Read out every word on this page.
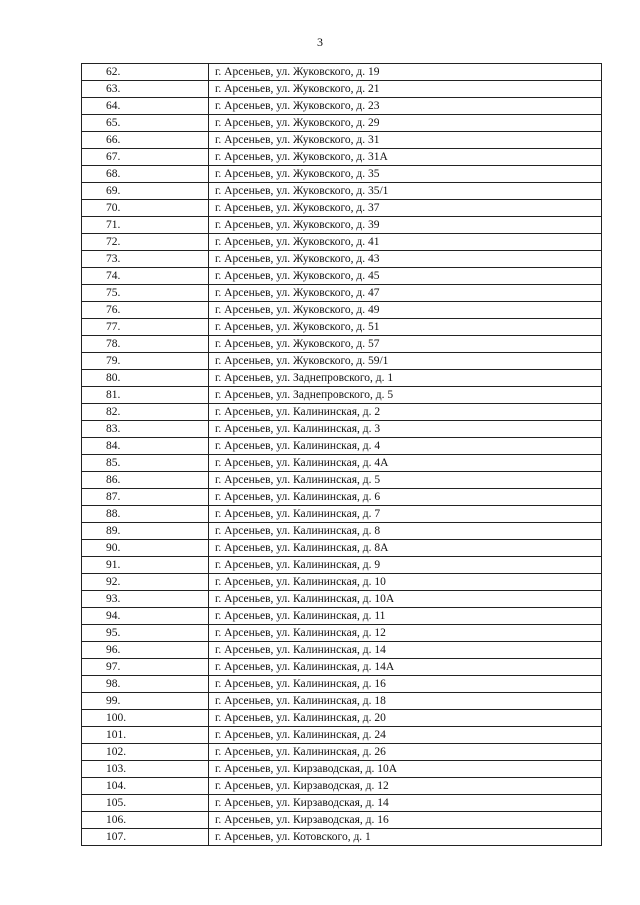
3
62.	г. Арсеньев, ул. Жуковского, д. 19
63.	г. Арсеньев, ул. Жуковского, д. 21
64.	г. Арсеньев, ул. Жуковского, д. 23
65.	г. Арсеньев, ул. Жуковского, д. 29
66.	г. Арсеньев, ул. Жуковского, д. 31
67.	г. Арсеньев, ул. Жуковского, д. 31А
68.	г. Арсеньев, ул. Жуковского, д. 35
69.	г. Арсеньев, ул. Жуковского, д. 35/1
70.	г. Арсеньев, ул. Жуковского, д. 37
71.	г. Арсеньев, ул. Жуковского, д. 39
72.	г. Арсеньев, ул. Жуковского, д. 41
73.	г. Арсеньев, ул. Жуковского, д. 43
74.	г. Арсеньев, ул. Жуковского, д. 45
75.	г. Арсеньев, ул. Жуковского, д. 47
76.	г. Арсеньев, ул. Жуковского, д. 49
77.	г. Арсеньев, ул. Жуковского, д. 51
78.	г. Арсеньев, ул. Жуковского, д. 57
79.	г. Арсеньев, ул. Жуковского, д. 59/1
80.	г. Арсеньев, ул. Заднепровского, д. 1
81.	г. Арсеньев, ул. Заднепровского, д. 5
82.	г. Арсеньев, ул. Калининская, д. 2
83.	г. Арсеньев, ул. Калининская, д. 3
84.	г. Арсеньев, ул. Калининская, д. 4
85.	г. Арсеньев, ул. Калининская, д. 4А
86.	г. Арсеньев, ул. Калининская, д. 5
87.	г. Арсеньев, ул. Калининская, д. 6
88.	г. Арсеньев, ул. Калининская, д. 7
89.	г. Арсеньев, ул. Калининская, д. 8
90.	г. Арсеньев, ул. Калининская, д. 8А
91.	г. Арсеньев, ул. Калининская, д. 9
92.	г. Арсеньев, ул. Калининская, д. 10
93.	г. Арсеньев, ул. Калининская, д. 10А
94.	г. Арсеньев, ул. Калининская, д. 11
95.	г. Арсеньев, ул. Калининская, д. 12
96.	г. Арсеньев, ул. Калининская, д. 14
97.	г. Арсеньев, ул. Калининская, д. 14А
98.	г. Арсеньев, ул. Калининская, д. 16
99.	г. Арсеньев, ул. Калининская, д. 18
100.	г. Арсеньев, ул. Калининская, д. 20
101.	г. Арсеньев, ул. Калининская, д. 24
102.	г. Арсеньев, ул. Калининская, д. 26
103.	г. Арсеньев, ул. Кирзаводская, д. 10А
104.	г. Арсеньев, ул. Кирзаводская, д. 12
105.	г. Арсеньев, ул. Кирзаводская, д. 14
106.	г. Арсеньев, ул. Кирзаводская, д. 16
107.	г. Арсеньев, ул. Котовского, д. 1
